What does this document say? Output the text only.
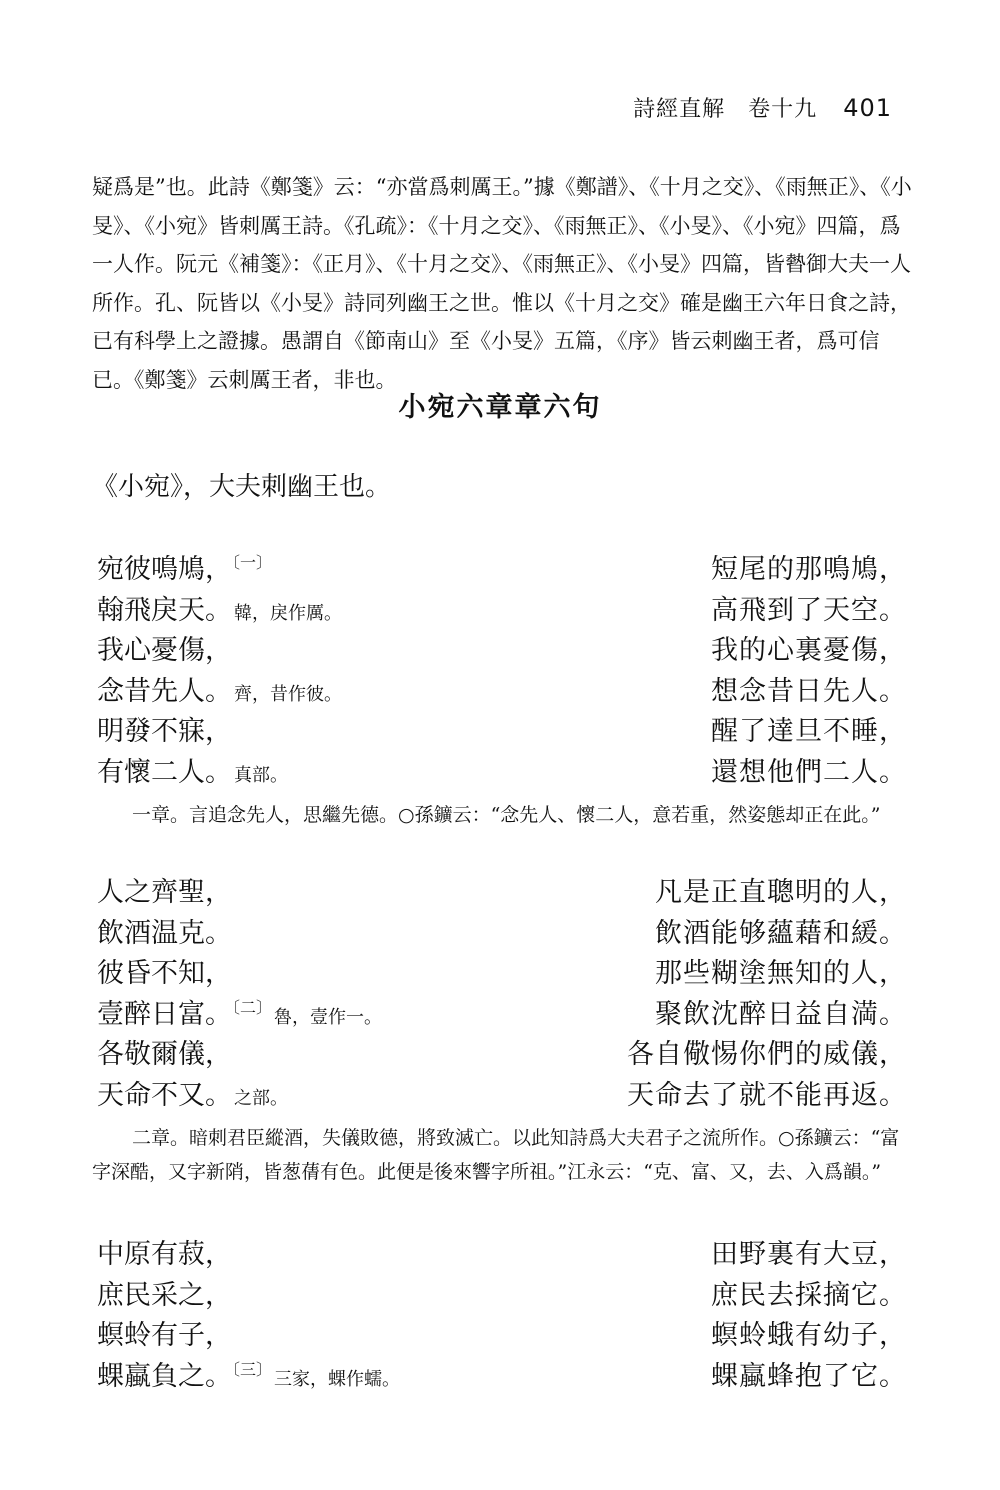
詩經直解　卷十九 401
疑爲是”也。此詩《鄭箋》云：“亦當爲刺厲王。”據《鄭譜》、《十月之交》、《雨無正》、《小旻》、《小宛》皆刺厲王詩。《孔疏》：《十月之交》、《雨無正》、《小旻》、《小宛》四篇，爲一人作。阮元《補箋》：《正月》、《十月之交》、《雨無正》、《小旻》四篇，皆暬御大夫一人所作。孔、阮皆以《小旻》詩同列幽王之世。惟以《十月之交》確是幽王六年日食之詩，已有科學上之證據。愚謂自《節南山》至《小旻》五篇，《序》皆云刺幽王者，爲可信已。《鄭箋》云刺厲王者，非也。
小宛六章章六句
《小宛》，大夫刺幽王也。
宛彼鳴鳩，$^{〔一〕}$	短尾的那鳴鳩，
翰飛戾天。 韓，戾作厲。	高飛到了天空。
我心憂傷，	我的心裏憂傷，
念昔先人。 齊，昔作彼。	想念昔日先人。
明發不寐，	醒了達旦不睡，
有懷二人。 真部。	還想他們二人。
一章。言追念先人，思繼先德。○孫鑛云：“念先人、懷二人，意若重，然姿態却正在此。”
人之齊聖，	凡是正直聰明的人，
飲酒温克。	飲酒能够蘊藉和緩。
彼昏不知，	那些糊塗無知的人，
壹醉日富。$^{〔二〕}$ 魯，壹作一。	聚飲沈醉日益自満。
各敬爾儀，	各自儆惕你們的威儀，
天命不又。 之部。	天命去了就不能再返。
二章。暗刺君臣縱酒，失儀敗德，將致滅亡。以此知詩爲大夫君子之流所作。○孫鑛云：“富字深酷，又字新陗，皆葱蒨有色。此便是後來響字所祖。”江永云：“克、富、又，去、入爲韻。”
中原有菽，	田野裏有大豆，
庶民采之，	庶民去採摘它。
螟蛉有子，	螟蛉蛾有幼子，
蜾蠃負之。$^{〔三〕}$ 三家，蜾作蠕。	蜾蠃蜂抱了它。
